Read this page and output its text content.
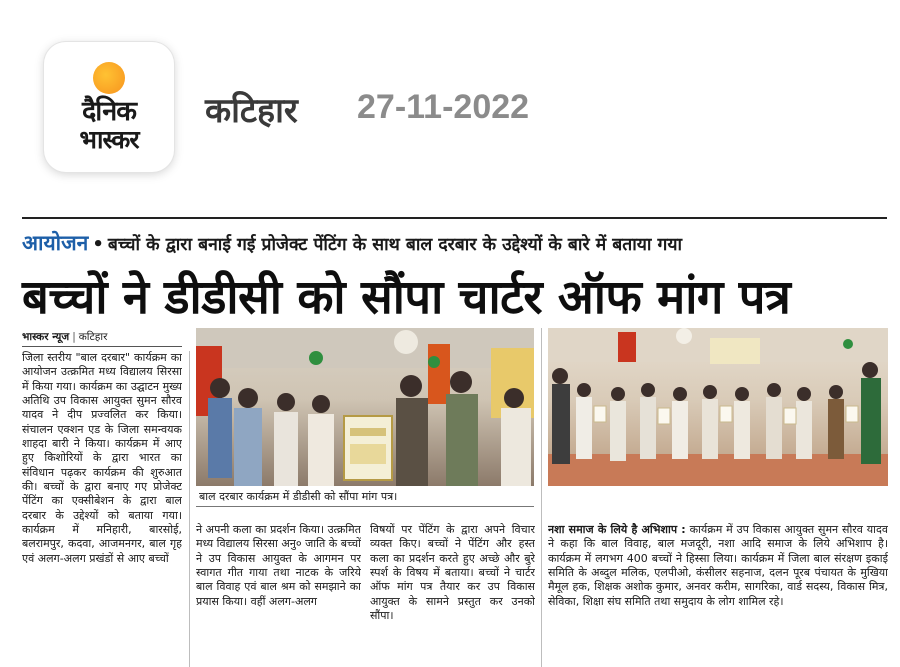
दैनिक
भास्कर
कटिहार 27-11-2022
आयोजन • बच्चों के द्वारा बनाई गई प्रोजेक्ट पेंटिंग के साथ बाल दरबार के उद्देश्यों के बारे में बताया गया
बच्चों ने डीडीसी को सौंपा चार्टर ऑफ मांग पत्र
भास्कर न्यूज | कटिहार
जिला स्तरीय "बाल दरबार" कार्यक्रम का आयोजन उत्क्रमित मध्य विद्यालय सिरसा में किया गया। कार्यक्रम का उद्घाटन मुख्य अतिथि उप विकास आयुक्त सुमन सौरव यादव ने दीप प्रज्वलित कर किया। संचालन एक्शन एड के जिला समन्वयक शाहदा बारी ने किया। कार्यक्रम में आए हुए किशोरियों के द्वारा भारत का संविधान पढ़कर कार्यक्रम की शुरुआत की। बच्चों के द्वारा बनाए गए प्रोजेक्ट पेंटिंग का एक्सीबेशन के द्वारा बाल दरबार के उद्देश्यों को बताया गया। कार्यक्रम में मनिहारी, बारसोई, बलरामपुर, कदवा, आजमनगर, बाल गृह एवं अलग-अलग प्रखंडों से आए बच्चों
बाल दरबार कार्यक्रम में डीडीसी को सौंपा मांग पत्र।
ने अपनी कला का प्रदर्शन किया। उत्क्रमित मध्य विद्यालय सिरसा अनु० जाति के बच्चों ने उप विकास आयुक्त के आगमन पर स्वागत गीत गाया तथा नाटक के जरिये बाल विवाह एवं बाल श्रम को समझाने का प्रयास किया। वहीं अलग-अलग
विषयों पर पेंटिंग के द्वारा अपने विचार व्यक्त किए। बच्चों ने पेंटिंग और हस्त कला का प्रदर्शन करते हुए अच्छे और बुरे स्पर्श के विषय में बताया। बच्चों ने चार्टर ऑफ मांग पत्र तैयार कर उप विकास आयुक्त के सामने प्रस्तुत कर उनको सौंपा।
नशा समाज के लिये है अभिशाप : कार्यक्रम में उप विकास आयुक्त सुमन सौरव यादव ने कहा कि बाल विवाह, बाल मजदूरी, नशा आदि समाज के लिये अभिशाप है। कार्यक्रम में लगभग 400 बच्चों ने हिस्सा लिया। कार्यक्रम में जिला बाल संरक्षण इकाई समिति के अब्दुल मलिक, एलपीओ, कंसीलर सहनाज, दलन पूरब पंचायत के मुखिया मैमूल हक, शिक्षक अशोक कुमार, अनवर करीम, सागरिका, वार्ड सदस्य, विकास मित्र, सेविका, शिक्षा संघ समिति तथा समुदाय के लोग शामिल रहे।
